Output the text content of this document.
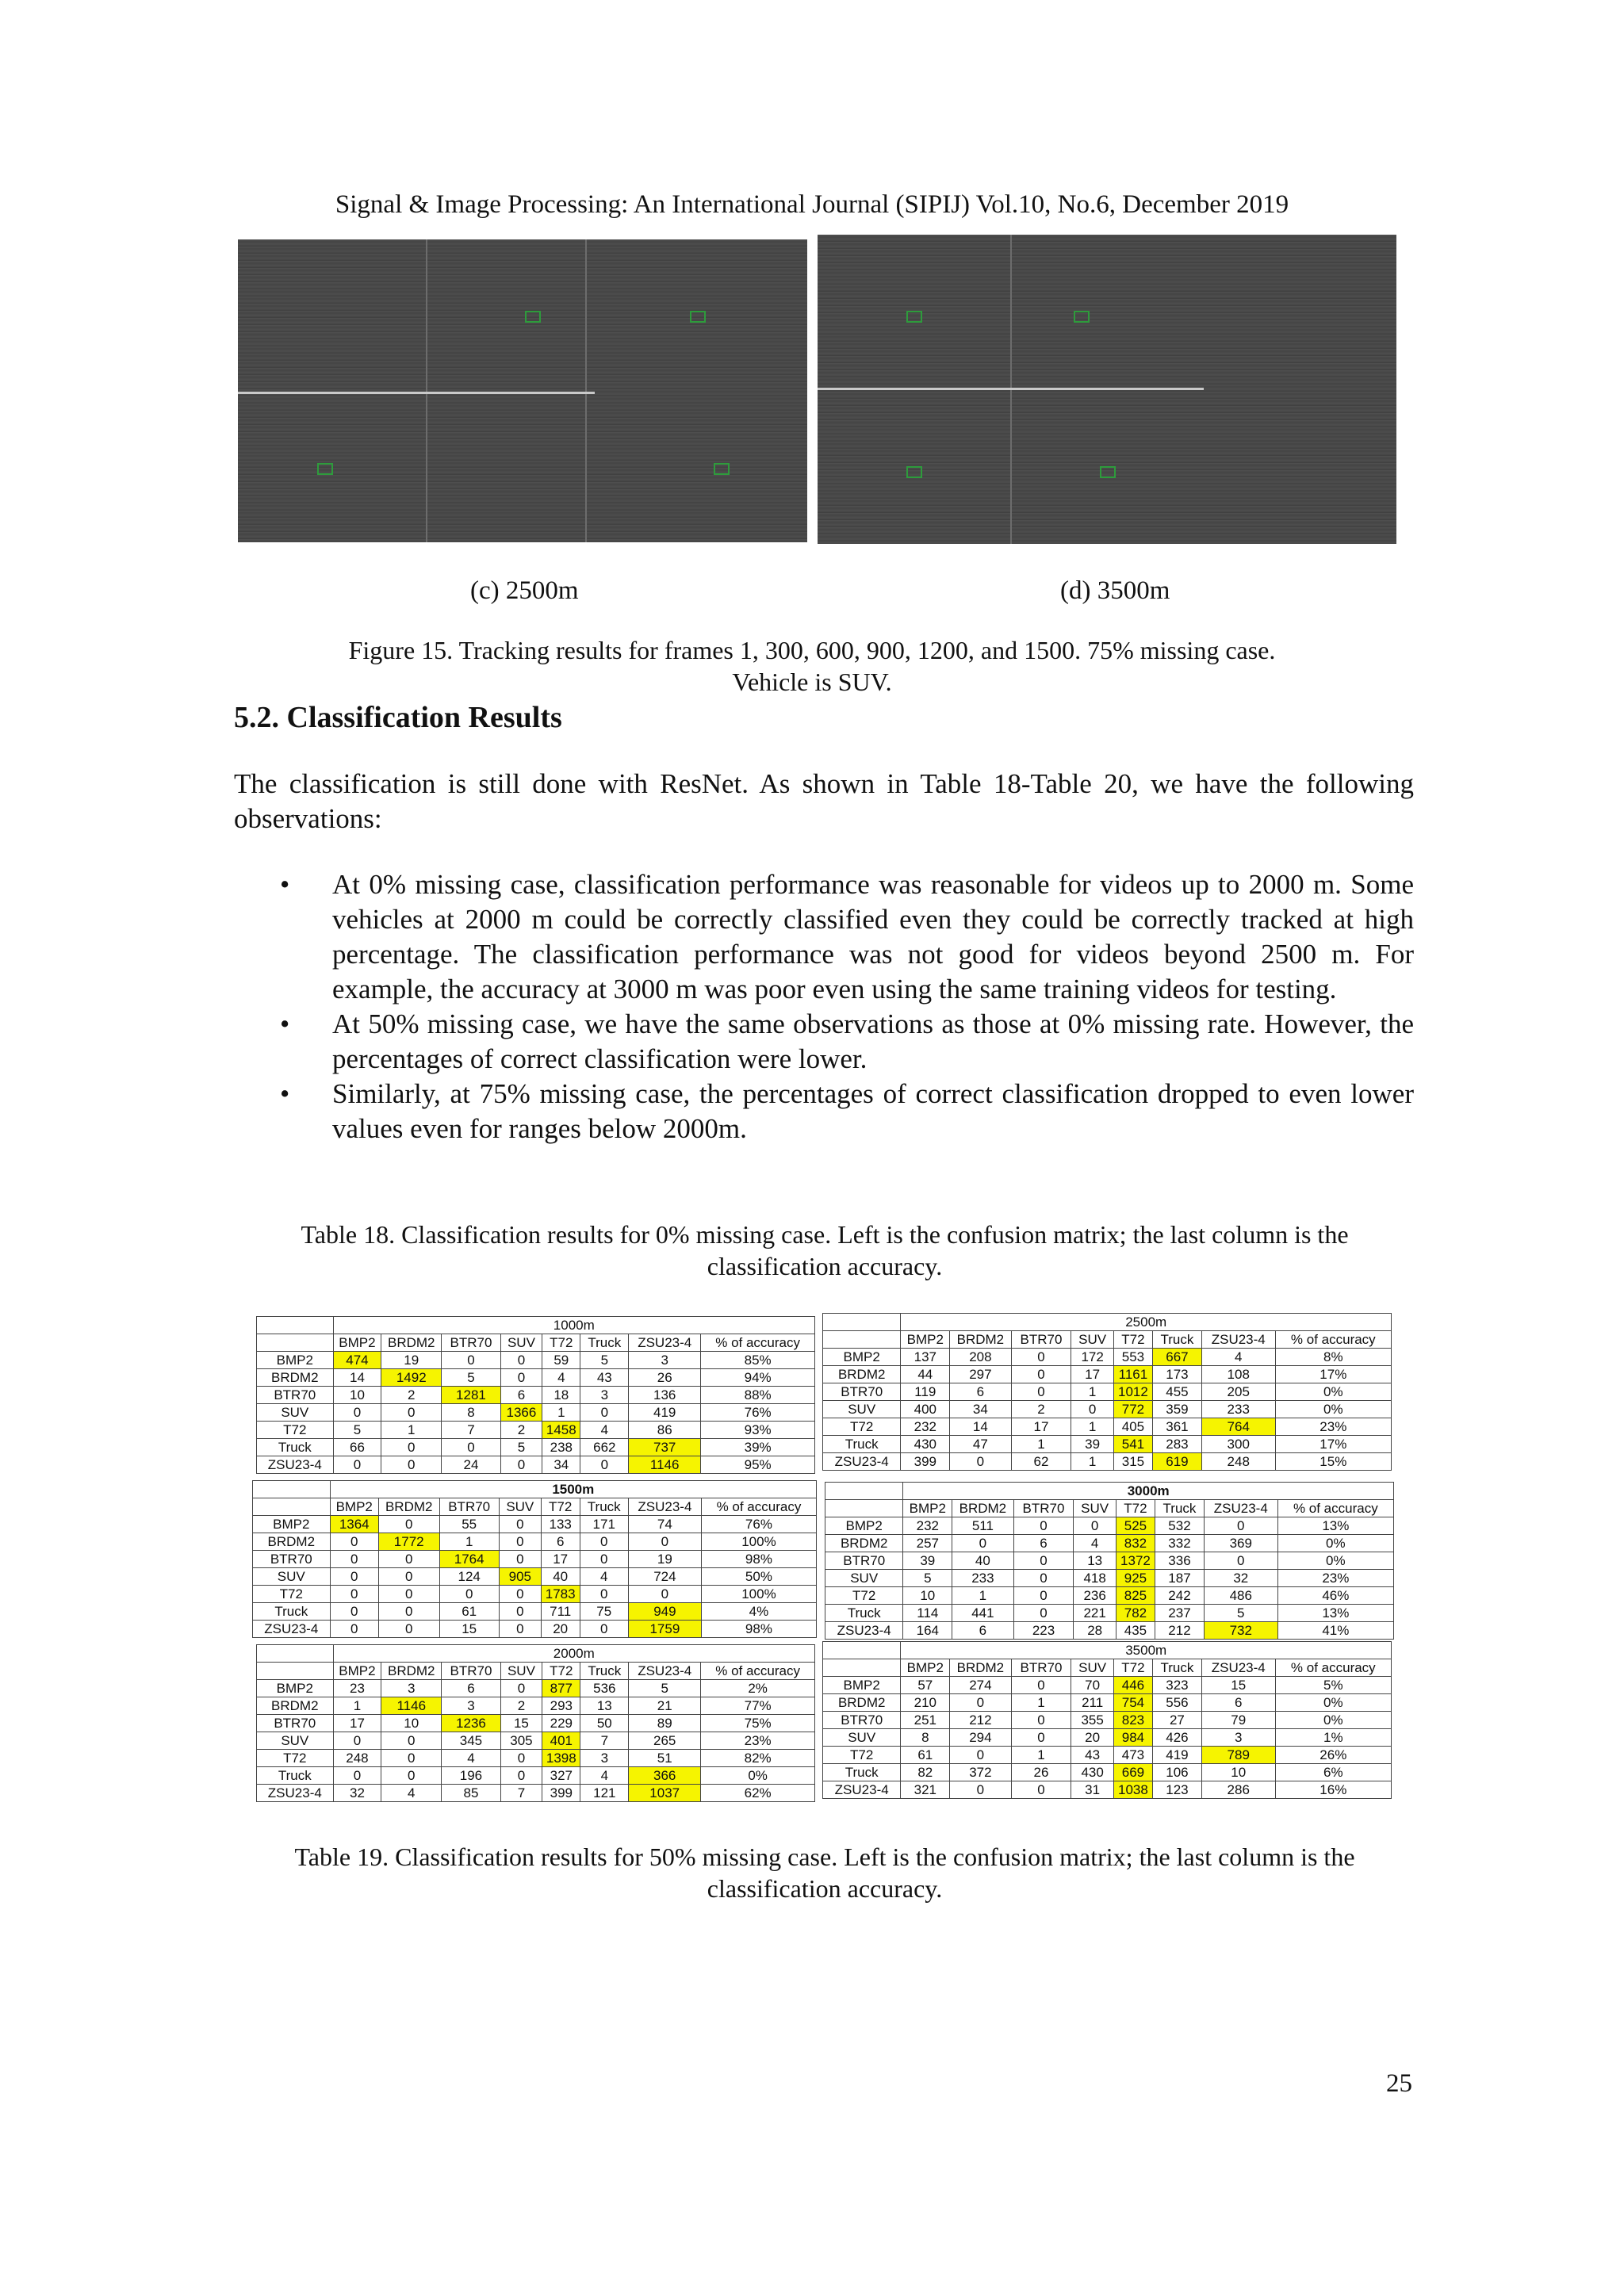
Signal & Image Processing: An International Journal (SIPIJ) Vol.10, No.6, December 2019
(c) 2500m	(d) 3500m
Figure 15. Tracking results for frames 1, 300, 600, 900, 1200, and 1500. 75% missing case.
Vehicle is SUV.
5.2. Classification Results
The classification is still done with ResNet. As shown in Table 18-Table 20, we have the following observations:
• At 0% missing case, classification performance was reasonable for videos up to 2000 m. Some vehicles at 2000 m could be correctly classified even they could be correctly tracked at high percentage. The classification performance was not good for videos beyond 2500 m. For example, the accuracy at 3000 m was poor even using the same training videos for testing.
• At 50% missing case, we have the same observations as those at 0% missing rate. However, the percentages of correct classification were lower.
• Similarly, at 75% missing case, the percentages of correct classification dropped to even lower values even for ranges below 2000m.
Table 18. Classification results for 0% missing case. Left is the confusion matrix; the last column is the
classification accuracy.
	1000m							
	BMP2	BRDM2	BTR70	SUV	T72	Truck	ZSU23-4	% of accuracy
BMP2	474	19	0	0	59	5	3	85%
BRDM2	14	1492	5	0	4	43	26	94%
BTR70	10	2	1281	6	18	3	136	88%
SUV	0	0	8	1366	1	0	419	76%
T72	5	1	7	2	1458	4	86	93%
Truck	66	0	0	5	238	662	737	39%
ZSU23-4	0	0	24	0	34	0	1146	95%
	1500m							
	BMP2	BRDM2	BTR70	SUV	T72	Truck	ZSU23-4	% of accuracy
BMP2	1364	0	55	0	133	171	74	76%
BRDM2	0	1772	1	0	6	0	0	100%
BTR70	0	0	1764	0	17	0	19	98%
SUV	0	0	124	905	40	4	724	50%
T72	0	0	0	0	1783	0	0	100%
Truck	0	0	61	0	711	75	949	4%
ZSU23-4	0	0	15	0	20	0	1759	98%
	2000m							
	BMP2	BRDM2	BTR70	SUV	T72	Truck	ZSU23-4	% of accuracy
BMP2	23	3	6	0	877	536	5	2%
BRDM2	1	1146	3	2	293	13	21	77%
BTR70	17	10	1236	15	229	50	89	75%
SUV	0	0	345	305	401	7	265	23%
T72	248	0	4	0	1398	3	51	82%
Truck	0	0	196	0	327	4	366	0%
ZSU23-4	32	4	85	7	399	121	1037	62%
	2500m							
	BMP2	BRDM2	BTR70	SUV	T72	Truck	ZSU23-4	% of accuracy
BMP2	137	208	0	172	553	667	4	8%
BRDM2	44	297	0	17	1161	173	108	17%
BTR70	119	6	0	1	1012	455	205	0%
SUV	400	34	2	0	772	359	233	0%
T72	232	14	17	1	405	361	764	23%
Truck	430	47	1	39	541	283	300	17%
ZSU23-4	399	0	62	1	315	619	248	15%
	3000m							
	BMP2	BRDM2	BTR70	SUV	T72	Truck	ZSU23-4	% of accuracy
BMP2	232	511	0	0	525	532	0	13%
BRDM2	257	0	6	4	832	332	369	0%
BTR70	39	40	0	13	1372	336	0	0%
SUV	5	233	0	418	925	187	32	23%
T72	10	1	0	236	825	242	486	46%
Truck	114	441	0	221	782	237	5	13%
ZSU23-4	164	6	223	28	435	212	732	41%
	3500m							
	BMP2	BRDM2	BTR70	SUV	T72	Truck	ZSU23-4	% of accuracy
BMP2	57	274	0	70	446	323	15	5%
BRDM2	210	0	1	211	754	556	6	0%
BTR70	251	212	0	355	823	27	79	0%
SUV	8	294	0	20	984	426	3	1%
T72	61	0	1	43	473	419	789	26%
Truck	82	372	26	430	669	106	10	6%
ZSU23-4	321	0	0	31	1038	123	286	16%
Table 19. Classification results for 50% missing case. Left is the confusion matrix; the last column is the
classification accuracy.
25
